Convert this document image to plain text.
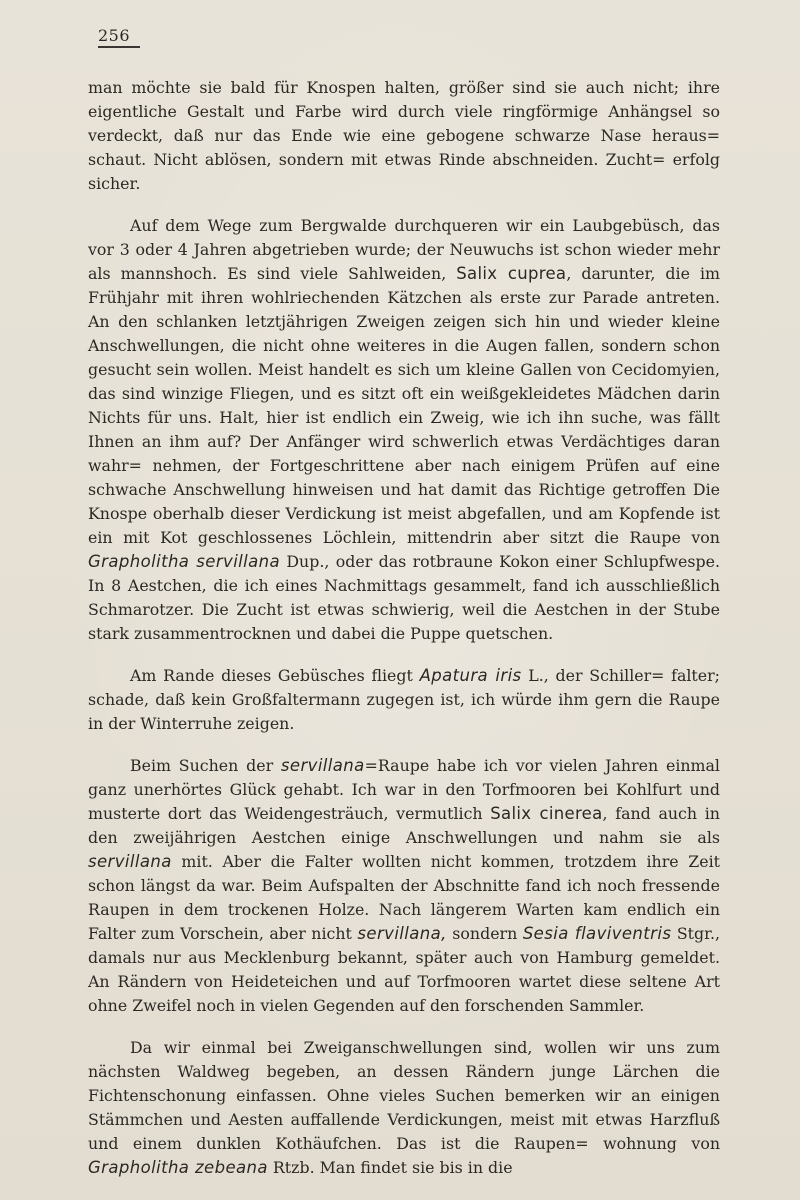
256

man möchte sie bald für Knospen halten, größer sind sie auch nicht; ihre eigentliche Gestalt und Farbe wird durch viele ringförmige Anhängsel so verdeckt, daß nur das Ende wie eine gebogene schwarze Nase heraus= schaut. Nicht ablösen, sondern mit etwas Rinde abschneiden. Zucht= erfolg sicher.

Auf dem Wege zum Bergwalde durchqueren wir ein Laubgebüsch, das vor 3 oder 4 Jahren abgetrieben wurde; der Neuwuchs ist schon wieder mehr als mannshoch. Es sind viele Sahlweiden, Salix cuprea, darunter, die im Frühjahr mit ihren wohlriechenden Kätzchen als erste zur Parade antreten. An den schlanken letztjährigen Zweigen zeigen sich hin und wieder kleine Anschwellungen, die nicht ohne weiteres in die Augen fallen, sondern schon gesucht sein wollen. Meist handelt es sich um kleine Gallen von Cecidomyien, das sind winzige Fliegen, und es sitzt oft ein weißgekleidetes Mädchen darin Nichts für uns. Halt, hier ist endlich ein Zweig, wie ich ihn suche, was fällt Ihnen an ihm auf? Der Anfänger wird schwerlich etwas Verdächtiges daran wahr= nehmen, der Fortgeschrittene aber nach einigem Prüfen auf eine schwache Anschwellung hinweisen und hat damit das Richtige getroffen Die Knospe oberhalb dieser Verdickung ist meist abgefallen, und am Kopfende ist ein mit Kot geschlossenes Löchlein, mittendrin aber sitzt die Raupe von Grapholitha servillana Dup., oder das rotbraune Kokon einer Schlupfwespe. In 8 Aestchen, die ich eines Nachmittags gesammelt, fand ich ausschließlich Schmarotzer. Die Zucht ist etwas schwierig, weil die Aestchen in der Stube stark zusammentrocknen und dabei die Puppe quetschen.

Am Rande dieses Gebüsches fliegt Apatura iris L., der Schiller= falter; schade, daß kein Großfaltermann zugegen ist, ich würde ihm gern die Raupe in der Winterruhe zeigen.

Beim Suchen der servillana=Raupe habe ich vor vielen Jahren einmal ganz unerhörtes Glück gehabt. Ich war in den Torfmooren bei Kohlfurt und musterte dort das Weidengesträuch, vermutlich Salix cinerea, fand auch in den zweijährigen Aestchen einige Anschwellungen und nahm sie als servillana mit. Aber die Falter wollten nicht kommen, trotzdem ihre Zeit schon längst da war. Beim Aufspalten der Abschnitte fand ich noch fressende Raupen in dem trockenen Holze. Nach längerem Warten kam endlich ein Falter zum Vorschein, aber nicht servillana, sondern Sesia flaviventris Stgr., damals nur aus Mecklenburg bekannt, später auch von Hamburg gemeldet. An Rändern von Heideteichen und auf Torfmooren wartet diese seltene Art ohne Zweifel noch in vielen Gegenden auf den forschenden Sammler.

Da wir einmal bei Zweiganschwellungen sind, wollen wir uns zum nächsten Waldweg begeben, an dessen Rändern junge Lärchen die Fichtenschonung einfassen. Ohne vieles Suchen bemerken wir an einigen Stämmchen und Aesten auffallende Verdickungen, meist mit etwas Harzfluß und einem dunklen Kothäufchen. Das ist die Raupen= wohnung von Grapholitha zebeana Rtzb. Man findet sie bis in die
